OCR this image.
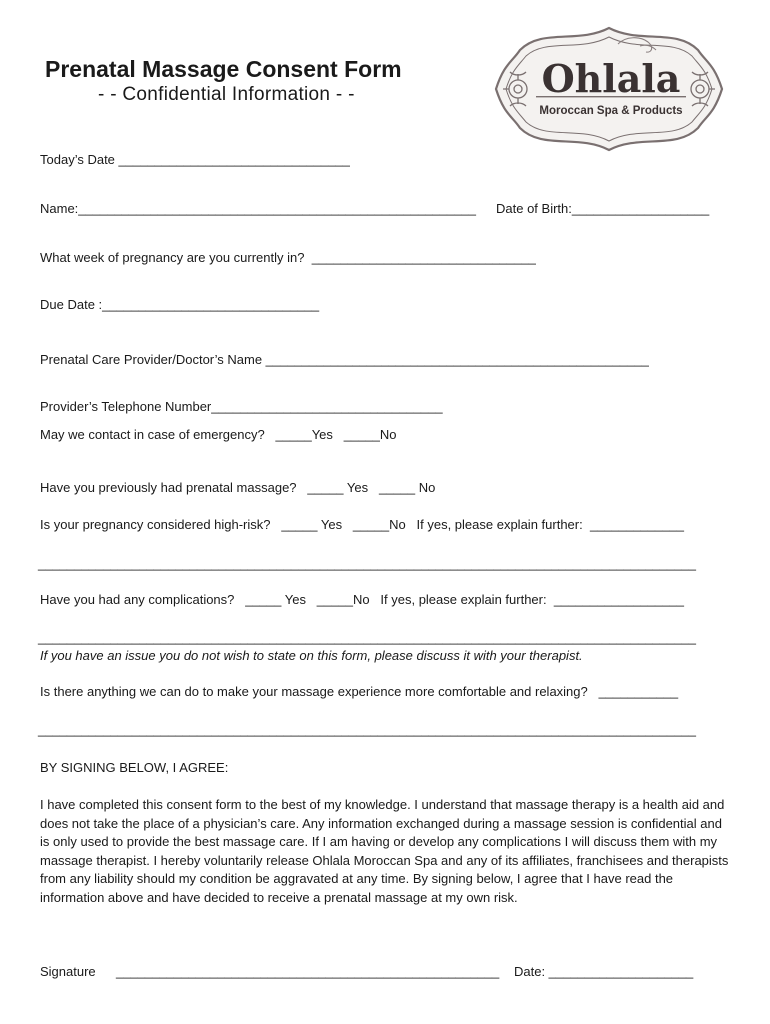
Prenatal Massage Consent Form
- - Confidential Information - -	Ohlala
Moroccan Spa & Products
Today’s Date ________________________________
Name:_______________________________________________________ Date of Birth:___________________
What week of pregnancy are you currently in?  _______________________________
Due Date :______________________________
Prenatal Care Provider/Doctor’s Name _____________________________________________________
Provider’s Telephone Number________________________________
May we contact in case of emergency?   _____Yes   _____No
Have you previously had prenatal massage?   _____ Yes   _____ No
Is your pregnancy considered high-risk?   _____ Yes   _____No   If yes, please explain further:  _____________
___________________________________________________________________________________________
Have you had any complications?   _____ Yes   _____No   If yes, please explain further:  __________________
___________________________________________________________________________________________
If you have an issue you do not wish to state on this form, please discuss it with your therapist.
Is there anything we can do to make your massage experience more comfortable and relaxing?   ___________
___________________________________________________________________________________________
BY SIGNING BELOW, I AGREE:
I have completed this consent form to the best of my knowledge. I understand that massage therapy is a health aid and does not take the place of a physician’s care. Any information exchanged during a massage session is confidential and is only used to provide the best massage care. If I am having or develop any complications I will discuss them with my massage therapist. I hereby voluntarily release Ohlala Moroccan Spa and any of its affiliates, franchisees and therapists from any liability should my condition be aggravated at any time. By signing below, I agree that I have read the information above and have decided to receive a prenatal massage at my own risk.
Signature _____________________________________________________ Date: ____________________
